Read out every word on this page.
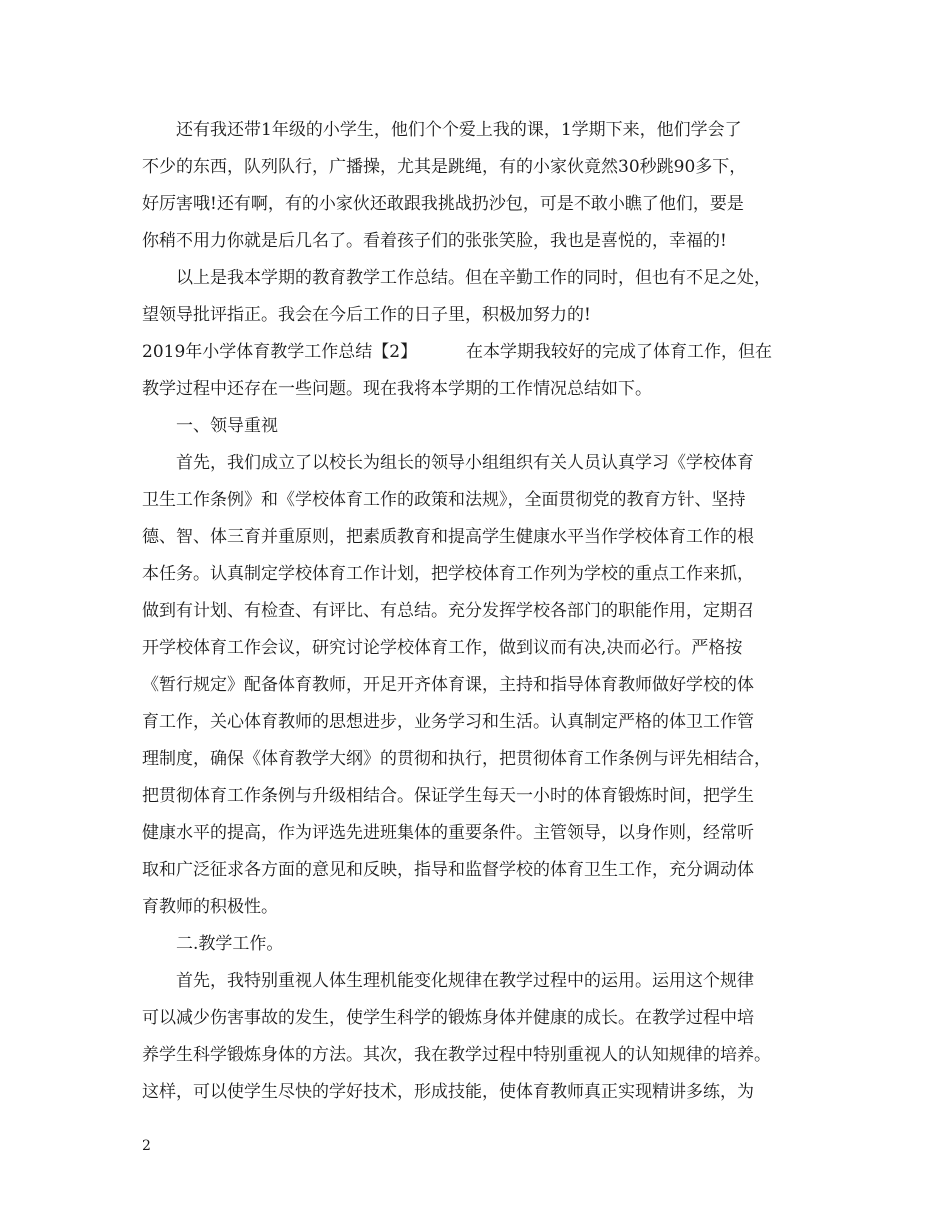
还有我还带1年级的小学生，他们个个爱上我的课，1学期下来，他们学会了
不少的东西，队列队行，广播操，尤其是跳绳，有的小家伙竟然30秒跳90多下，
好厉害哦!还有啊，有的小家伙还敢跟我挑战扔沙包，可是不敢小瞧了他们，要是
你稍不用力你就是后几名了。看着孩子们的张张笑脸，我也是喜悦的，幸福的!
以上是我本学期的教育教学工作总结。但在辛勤工作的同时，但也有不足之处，
望领导批评指正。我会在今后工作的日子里，积极加努力的!
2019年小学体育教学工作总结【2】	在本学期我较好的完成了体育工作，但在
教学过程中还存在一些问题。现在我将本学期的工作情况总结如下。
一、领导重视
首先，我们成立了以校长为组长的领导小组组织有关人员认真学习《学校体育
卫生工作条例》和《学校体育工作的政策和法规》，全面贯彻党的教育方针、坚持
德、智、体三育并重原则，把素质教育和提高学生健康水平当作学校体育工作的根
本任务。认真制定学校体育工作计划，把学校体育工作列为学校的重点工作来抓，
做到有计划、有检查、有评比、有总结。充分发挥学校各部门的职能作用，定期召
开学校体育工作会议，研究讨论学校体育工作，做到议而有决,决而必行。严格按
《暂行规定》配备体育教师，开足开齐体育课，主持和指导体育教师做好学校的体
育工作，关心体育教师的思想进步，业务学习和生活。认真制定严格的体卫工作管
理制度，确保《体育教学大纲》的贯彻和执行，把贯彻体育工作条例与评先相结合，
把贯彻体育工作条例与升级相结合。保证学生每天一小时的体育锻炼时间，把学生
健康水平的提高，作为评选先进班集体的重要条件。主管领导，以身作则，经常听
取和广泛征求各方面的意见和反映，指导和监督学校的体育卫生工作，充分调动体
育教师的积极性。
二.教学工作。
首先，我特别重视人体生理机能变化规律在教学过程中的运用。运用这个规律
可以减少伤害事故的发生，使学生科学的锻炼身体并健康的成长。在教学过程中培
养学生科学锻炼身体的方法。其次，我在教学过程中特别重视人的认知规律的培养。
这样，可以使学生尽快的学好技术，形成技能，使体育教师真正实现精讲多练，为
2
